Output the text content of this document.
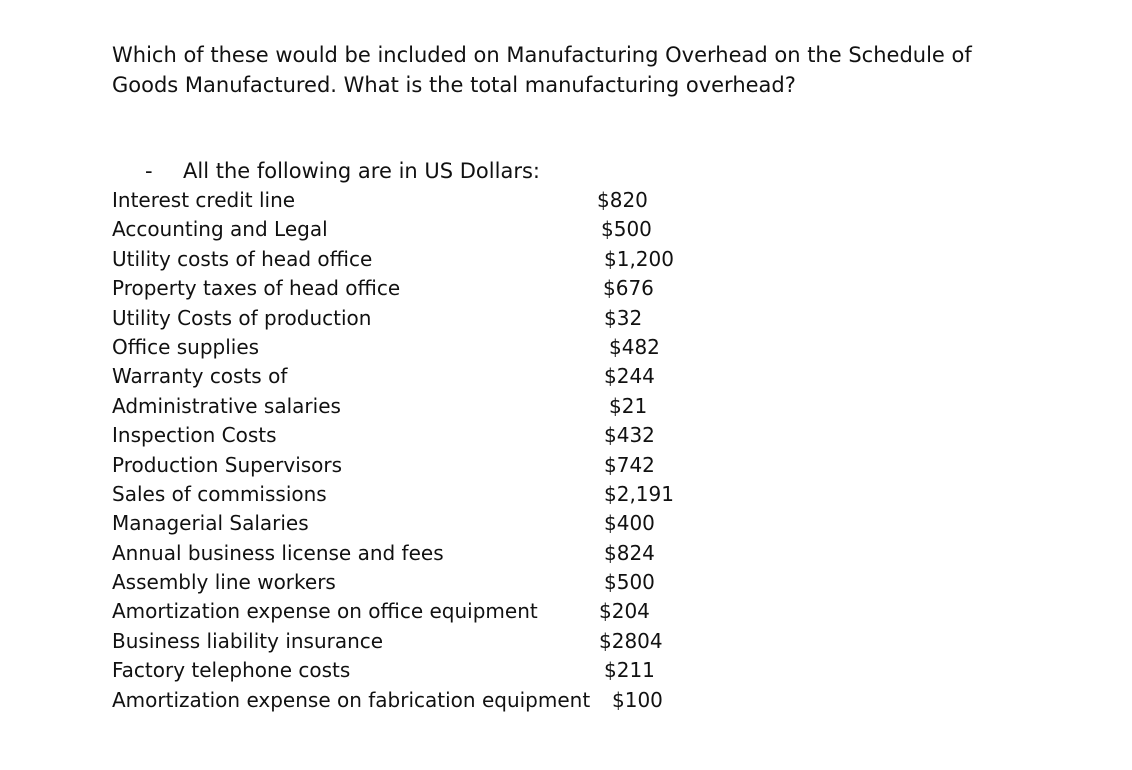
Which of these would be included on Manufacturing Overhead on the Schedule of Goods Manufactured. What is the total manufacturing overhead?

- All the following are in US Dollars:
Interest credit line	$820
Accounting and Legal	$500
Utility costs of head office	$1,200
Property taxes of head office	$676
Utility Costs of production	$32
Office supplies	$482
Warranty costs of	$244
Administrative salaries	$21
Inspection Costs	$432
Production Supervisors	$742
Sales of commissions	$2,191
Managerial Salaries	$400
Annual business license and fees	$824
Assembly line workers	$500
Amortization expense on office equipment	$204
Business liability insurance	$2804
Factory telephone costs	$211
Amortization expense on fabrication equipment $100
